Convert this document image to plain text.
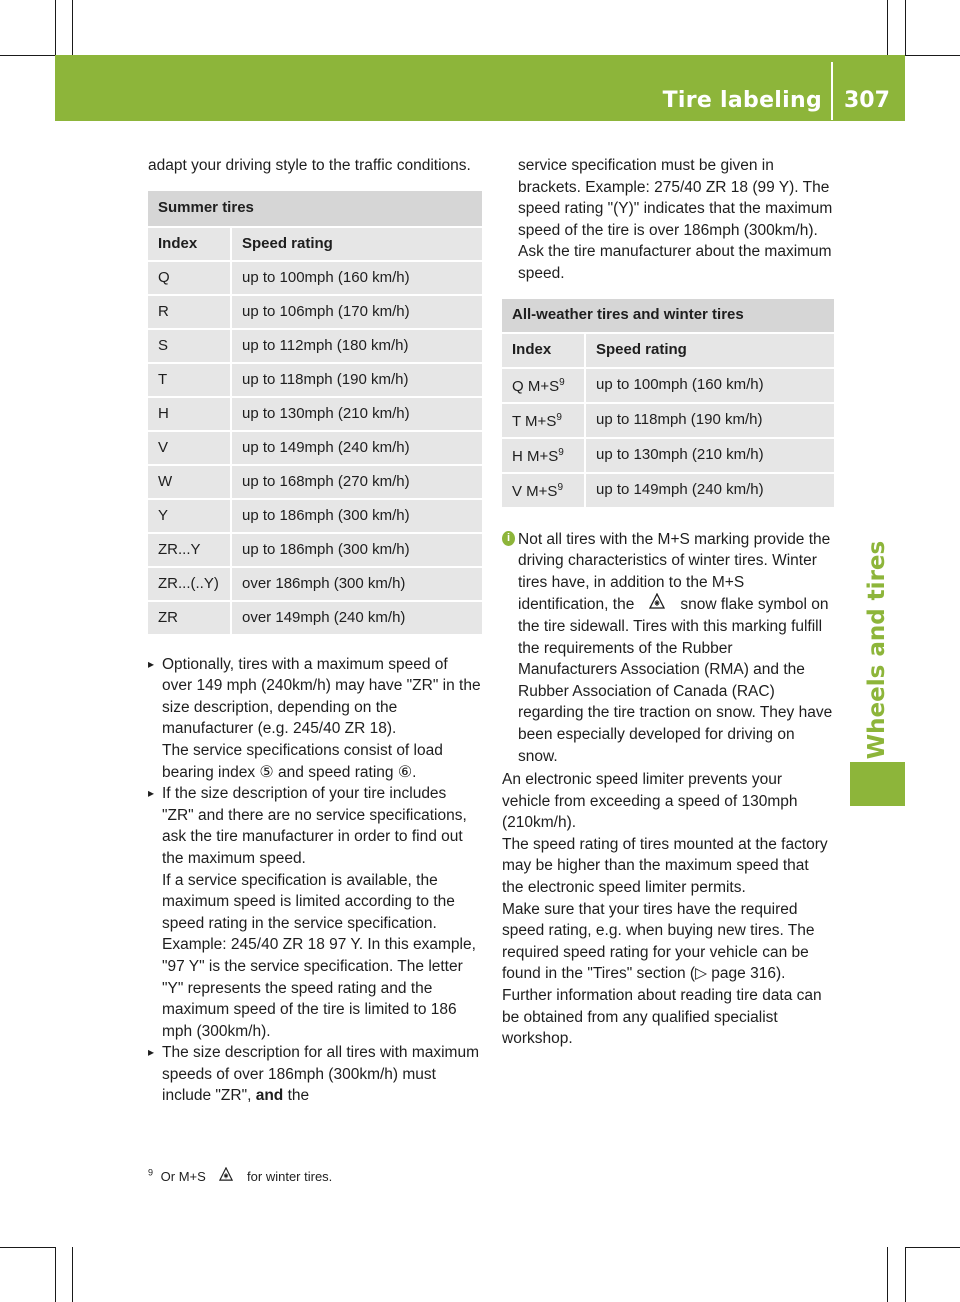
Tire labeling 307
Wheels and tires

adapt your driving style to the traffic conditions.

Summer tires	
Index	Speed rating
Q	up to 100mph (160 km/h)
R	up to 106mph (170 km/h)
S	up to 112mph (180 km/h)
T	up to 118mph (190 km/h)
H	up to 130mph (210 km/h)
V	up to 149mph (240 km/h)
W	up to 168mph (270 km/h)
Y	up to 186mph (300 km/h)
ZR...Y	up to 186mph (300 km/h)
ZR...(..Y)	over 186mph (300 km/h)
ZR	over 149mph (240 km/h)

▸ Optionally, tires with a maximum speed of over 149 mph (240km/h) may have "ZR" in the size description, depending on the manufacturer (e.g. 245/40 ZR 18).

The service specifications consist of load bearing index ⑤ and speed rating ⑥.

▸ If the size description of your tire includes "ZR" and there are no service specifications, ask the tire manufacturer in order to find out the maximum speed.

If a service specification is available, the maximum speed is limited according to the speed rating in the service specification. Example: 245/40 ZR 18 97 Y. In this example, "97 Y" is the service specification. The letter "Y" represents the speed rating and the maximum speed of the tire is limited to 186 mph (300km/h).

▸ The size description for all tires with maximum speeds of over 186mph (300km/h) must include "ZR", and the

service specification must be given in brackets. Example: 275/40 ZR 18 (99 Y). The speed rating "(Y)" indicates that the maximum speed of the tire is over 186mph (300km/h). Ask the tire manufacturer about the maximum speed.

All-weather tires and winter tires	
Index	Speed rating
Q $M+S^9$	up to 100mph (160 km/h)
T $M+S^9$	up to 118mph (190 km/h)
H $M+S^9$	up to 130mph (210 km/h)
V $M+S^9$	up to 149mph (240 km/h)
i Not all tires with the M+S marking provide the driving characteristics of winter tires. Winter tires have, in addition to the M+S identification, the	snow flake symbol on the tire sidewall. Tires with this marking fulfill the requirements of the Rubber Manufacturers Association (RMA) and the Rubber Association of Canada (RAC) regarding the tire traction on snow. They have been especially developed for driving on snow.

An electronic speed limiter prevents your vehicle from exceeding a speed of 130mph (210km/h).

The speed rating of tires mounted at the factory may be higher than the maximum speed that the electronic speed limiter permits.

Make sure that your tires have the required speed rating, e.g. when buying new tires. The required speed rating for your vehicle can be found in the "Tires" section (▷ page 316).

Further information about reading tire data can be obtained from any qualified specialist workshop.

$^9$ Or M+S	for winter tires.
